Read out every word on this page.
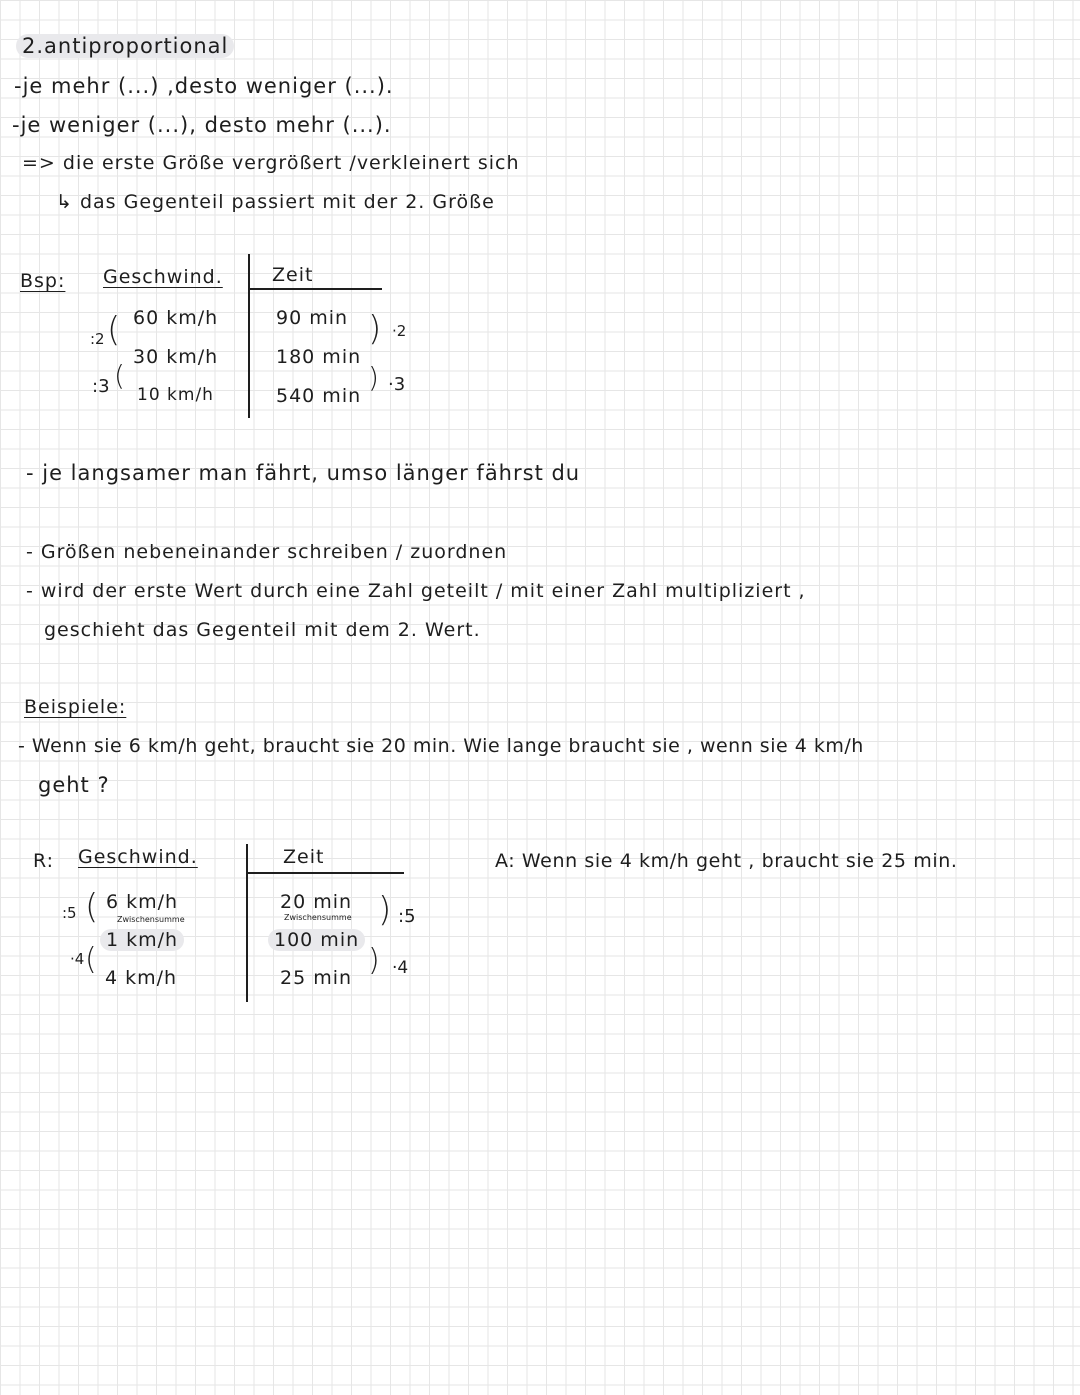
2.antiproportional
-je mehr (...) ,desto weniger (...).
-je weniger (...), desto mehr (...).
=> die erste Größe vergrößert /verkleinert sich
↳ das Gegenteil passiert mit der 2. Größe
Bsp: Geschwind.	Zeit
60 km/h
30 km/h
10 km/h
90 min
180 min
540 min
:2 (
:3 (
) ·2
) ·3
- je langsamer man fährt, umso länger fährst du
- Größen nebeneinander schreiben / zuordnen
- wird der erste Wert durch eine Zahl geteilt / mit einer Zahl multipliziert ,
geschieht das Gegenteil mit dem 2. Wert.
Beispiele:
- Wenn sie 6 km/h geht, braucht sie 20 min. Wie lange braucht sie , wenn sie 4 km/h
geht ?
R: Geschwind.	Zeit
6 km/h
Zwischensumme
1 km/h
4 km/h
20 min
Zwischensumme
100 min
25 min
:5 (
·4 (
) :5
) ·4
A: Wenn sie 4 km/h geht , braucht sie 25 min.
